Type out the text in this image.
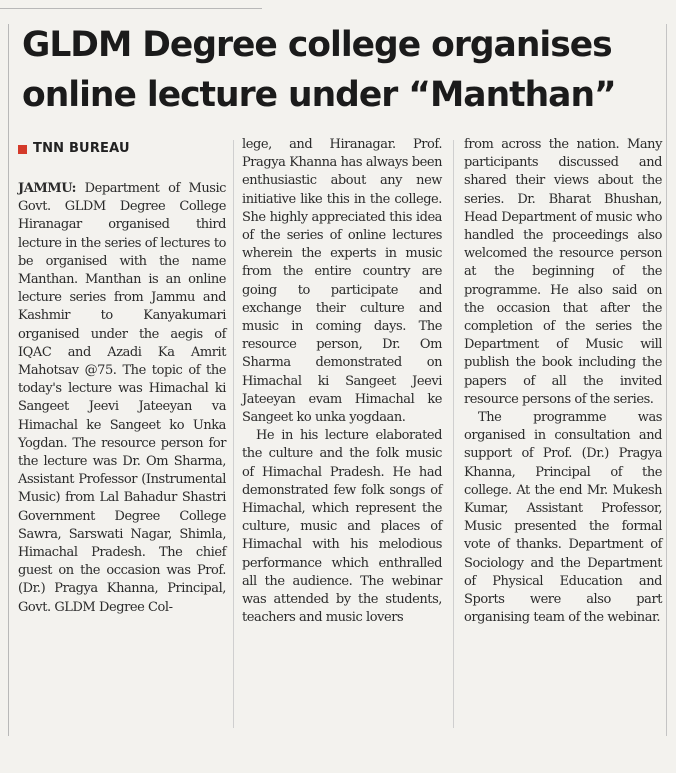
GLDM Degree college organises
online lecture under “Manthan”
TNN BUREAU

JAMMU: Department of Music Govt. GLDM Degree College Hiranagar organised third lecture in the series of lectures to be organised with the name Manthan. Manthan is an online lecture series from Jammu and Kashmir to Kanyakumari organised under the aegis of IQAC and Azadi Ka Amrit Mahotsav @75. The topic of the today's lecture was Himachal ki Sangeet Jeevi Jateeyan va Himachal ke Sangeet ko Unka Yogdan. The resource person for the lecture was Dr. Om Sharma, Assistant Professor (Instrumental Music) from Lal Bahadur Shastri Government Degree College Sawra, Sarswati Nagar, Shimla, Himachal Pradesh. The chief guest on the occasion was Prof. (Dr.) Pragya Khanna, Principal, Govt. GLDM Degree Col-

lege, and Hiranagar. Prof. Pragya Khanna has always been enthusiastic about any new initiative like this in the college. She highly appreciated this idea of the series of online lectures wherein the experts in music from the entire country are going to participate and exchange their culture and music in coming days. The resource person, Dr. Om Sharma demonstrated on Himachal ki Sangeet Jeevi Jateeyan evam Himachal ke Sangeet ko unka yogdaan.

He in his lecture elaborated the culture and the folk music of Himachal Pradesh. He had demonstrated few folk songs of Himachal, which represent the culture, music and places of Himachal with his melodious performance which enthralled all the audience. The webinar was attended by the students, teachers and music lovers

from across the nation. Many participants discussed and shared their views about the series. Dr. Bharat Bhushan, Head Department of music who handled the proceedings also welcomed the resource person at the beginning of the programme. He also said on the occasion that after the completion of the series the Department of Music will publish the book including the papers of all the invited resource persons of the series.

The programme was organised in consultation and support of Prof. (Dr.) Pragya Khanna, Principal of the college. At the end Mr. Mukesh Kumar, Assistant Professor, Music presented the formal vote of thanks. Department of Sociology and the Department of Physical Education and Sports were also part organising team of the webinar.
